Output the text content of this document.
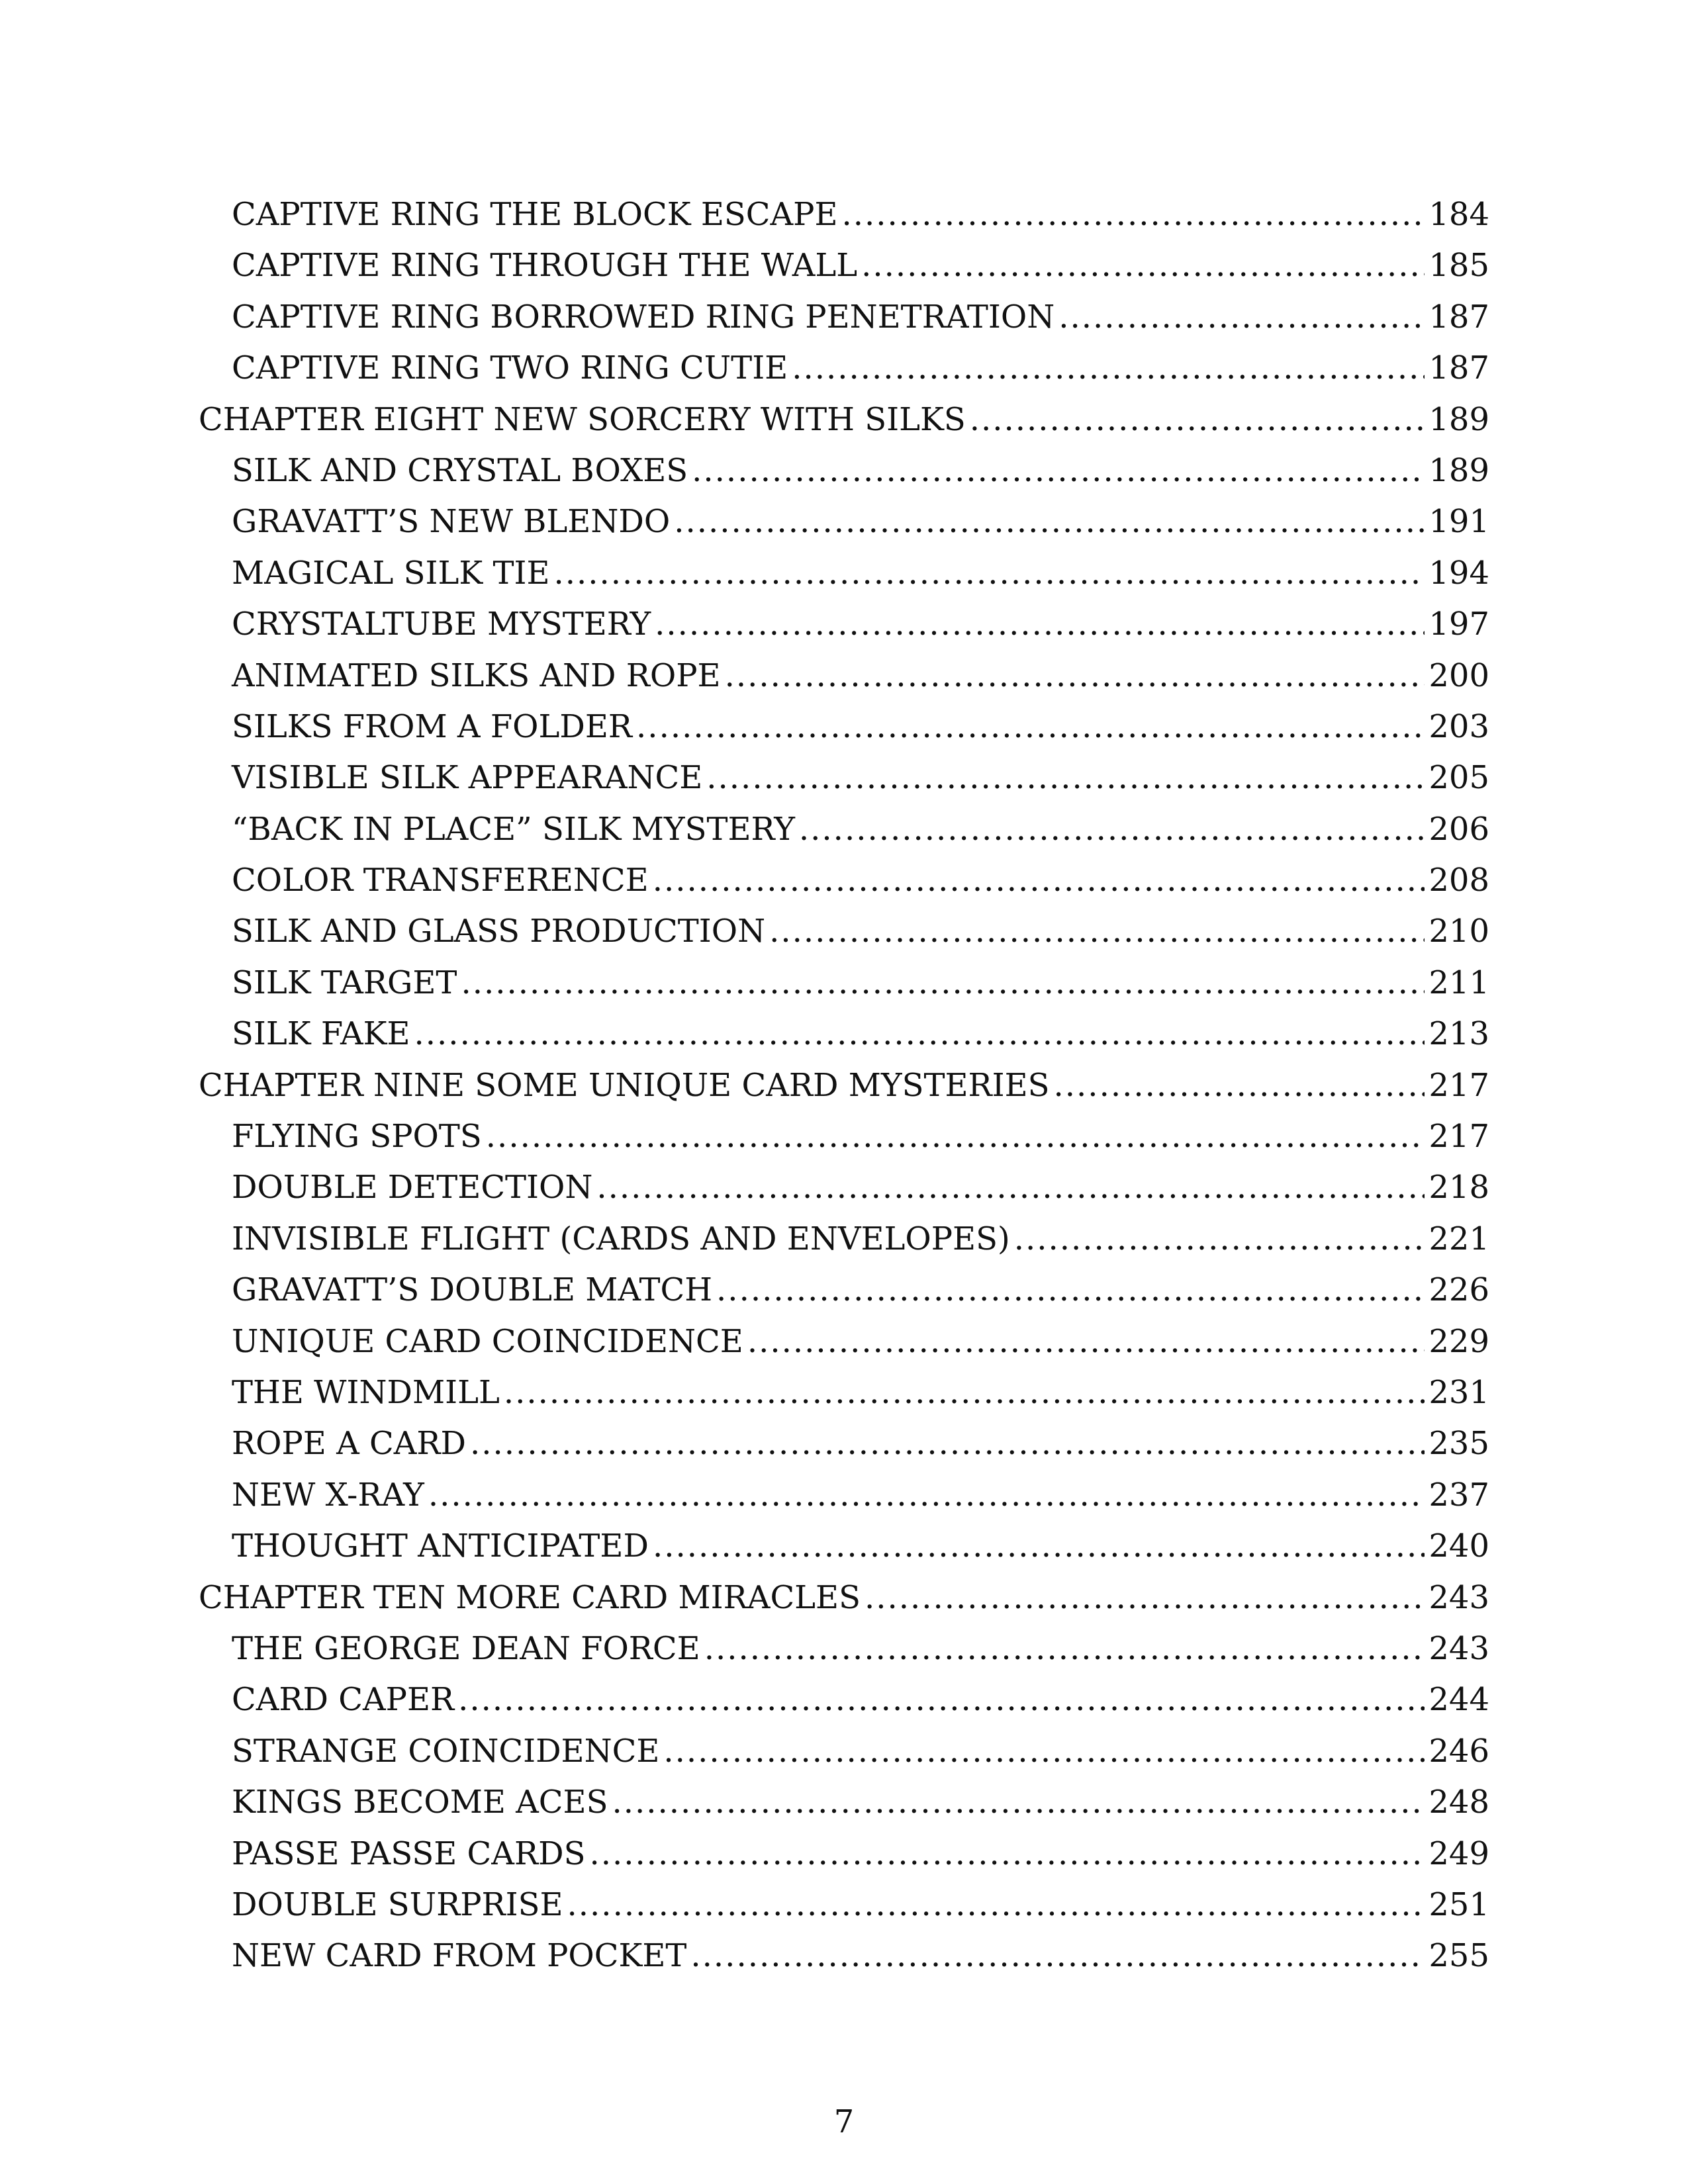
CAPTIVE RING THE BLOCK ESCAPE .....	184
CAPTIVE RING THROUGH THE WALL .....	185
CAPTIVE RING BORROWED RING PENETRATION .....	187
CAPTIVE RING TWO RING CUTIE .....	187
CHAPTER EIGHT NEW SORCERY WITH SILKS .....	189
SILK AND CRYSTAL BOXES .....	189
GRAVATT’S NEW BLENDO .....	191
MAGICAL SILK TIE .....	194
CRYSTALTUBE MYSTERY .....	197
ANIMATED SILKS AND ROPE .....	200
SILKS FROM A FOLDER .....	203
VISIBLE SILK APPEARANCE .....	205
“BACK IN PLACE” SILK MYSTERY .....	206
COLOR TRANSFERENCE .....	208
SILK AND GLASS PRODUCTION .....	210
SILK TARGET .....	211
SILK FAKE .....	213
CHAPTER NINE SOME UNIQUE CARD MYSTERIES .....	217
FLYING SPOTS .....	217
DOUBLE DETECTION .....	218
INVISIBLE FLIGHT (CARDS AND ENVELOPES) .....	221
GRAVATT’S DOUBLE MATCH .....	226
UNIQUE CARD COINCIDENCE .....	229
THE WINDMILL .....	231
ROPE A CARD .....	235
NEW X-RAY .....	237
THOUGHT ANTICIPATED .....	240
CHAPTER TEN MORE CARD MIRACLES .....	243
THE GEORGE DEAN FORCE .....	243
CARD CAPER .....	244
STRANGE COINCIDENCE .....	246
KINGS BECOME ACES .....	248
PASSE PASSE CARDS .....	249
DOUBLE SURPRISE .....	251
NEW CARD FROM POCKET .....	255
7
